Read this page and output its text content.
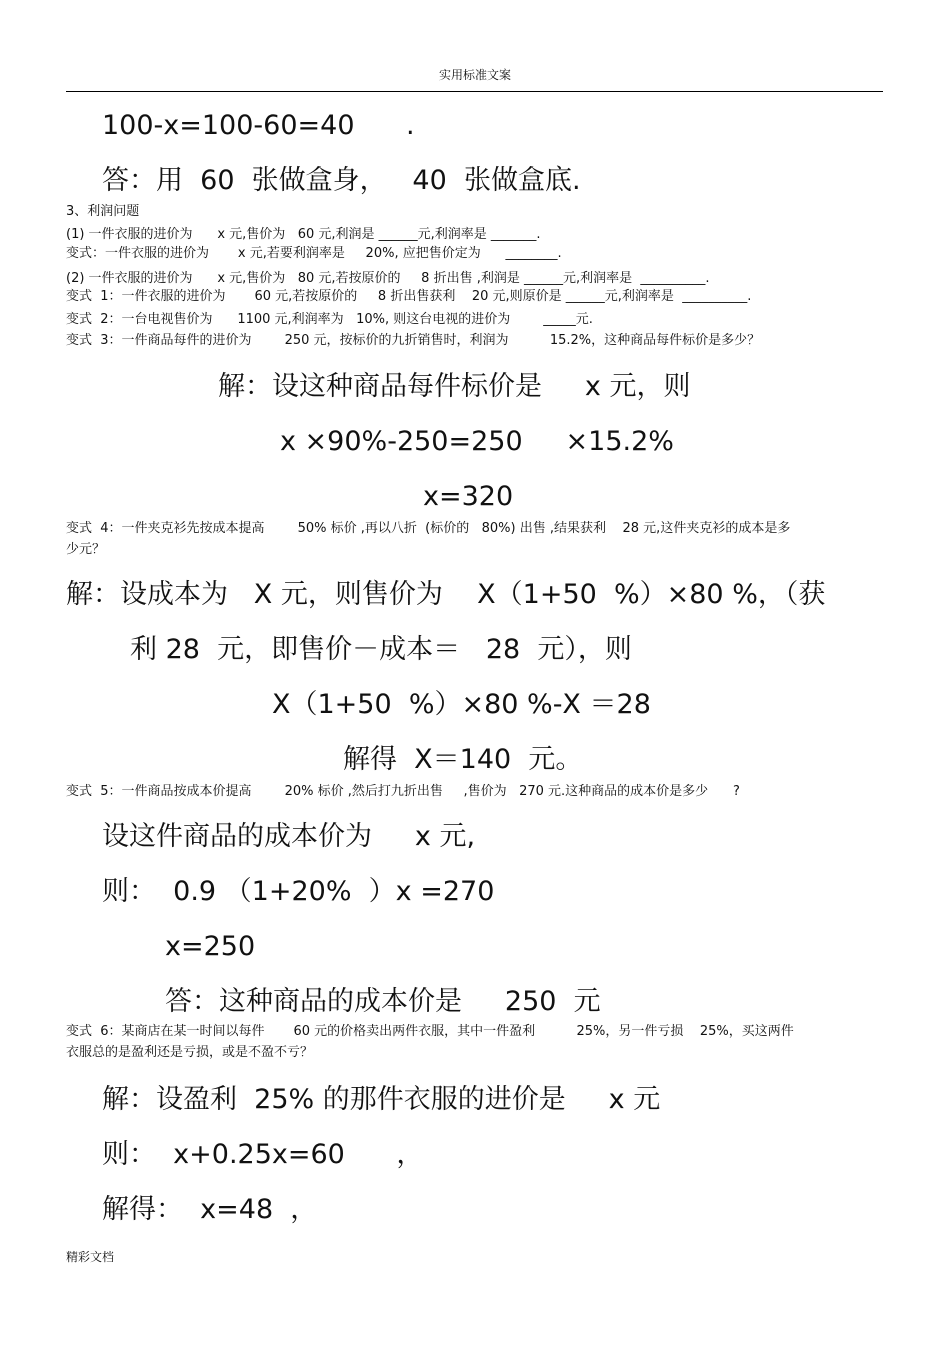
实用标准文案
100-x=100-60=40      .
答：用  60  张做盒身，   40  张做盒底.
3、利润问题
(1) 一件衣服的进价为      x 元,售价为   60 元,利润是 ______元,利润率是 _______.
变式：一件衣服的进价为       x 元,若要利润率是     20%, 应把售价定为      ________.
(2) 一件衣服的进价为      x 元,售价为   80 元,若按原价的     8 折出售 ,利润是 ______元,利润率是  __________.
变式  1：一件衣服的进价为       60 元,若按原价的     8 折出售获利    20 元,则原价是 ______元,利润率是  __________.
变式  2：一台电视售价为      1100 元,利润率为   10%, 则这台电视的进价为        _____元.
变式  3：一件商品每件的进价为        250 元，按标价的九折销售时，利润为          15.2%，这种商品每件标价是多少？
解：设这种商品每件标价是     x 元，则
x ×90%-250=250     ×15.2%
x=320
变式  4：一件夹克衫先按成本提高        50% 标价 ,再以八折  (标价的   80%) 出售 ,结果获利    28 元,这件夹克衫的成本是多
少元？
解：设成本为   X 元，则售价为    X（1+50  %）×80 %，（获
利 28  元，即售价－成本＝   28  元），则
X（1+50  %）×80 %-X ＝28
解得  X＝140  元。
变式  5：一件商品按成本价提高        20% 标价 ,然后打九折出售     ,售价为   270 元.这种商品的成本价是多少      ?
设这件商品的成本价为     x 元,
则：  0.9 （1+20%  ）x =270
x=250
答：这种商品的成本价是     250  元
变式  6：某商店在某一时间以每件       60 元的价格卖出两件衣服，其中一件盈利          25%，另一件亏损    25%，买这两件
衣服总的是盈利还是亏损，或是不盈不亏？
解：设盈利  25% 的那件衣服的进价是     x 元
则：  x+0.25x=60      ，
解得：  x=48  ，
精彩文档
